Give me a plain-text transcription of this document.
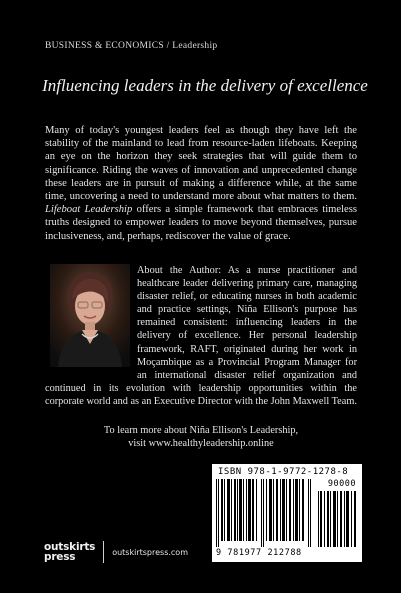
BUSINESS & ECONOMICS / Leadership
Influencing leaders in the delivery of excellence

Many of today's youngest leaders feel as though they have left the stability of the mainland to lead from resource-laden lifeboats. Keeping an eye on the horizon they seek strategies that will guide them to significance. Riding the waves of innovation and unprecedented change these leaders are in pursuit of making a difference while, at the same time, uncovering a need to understand more about what matters to them. Lifeboat Leadership offers a simple framework that embraces timeless truths designed to empower leaders to move beyond themselves, pursue inclusiveness, and, perhaps, rediscover the value of grace.

About the Author: As a nurse practitioner and healthcare leader delivering primary care, managing disaster relief, or educating nurses in both academic and practice settings, Niña Ellison's purpose has remained consistent: influencing leaders in the delivery of excellence. Her personal leadership framework, RAFT, originated during her work in Moçambique as a Provincial Program Manager for an international disaster relief organization and continued in its evolution with leadership opportunities within the corporate world and as an Executive Director with the John Maxwell Team.

To learn more about Niña Ellison's Leadership,
visit www.healthyleadership.online
ISBN 978-1-9772-1278-8
90000
9 781977 212788
outskirts
press	outskirtspress.com
